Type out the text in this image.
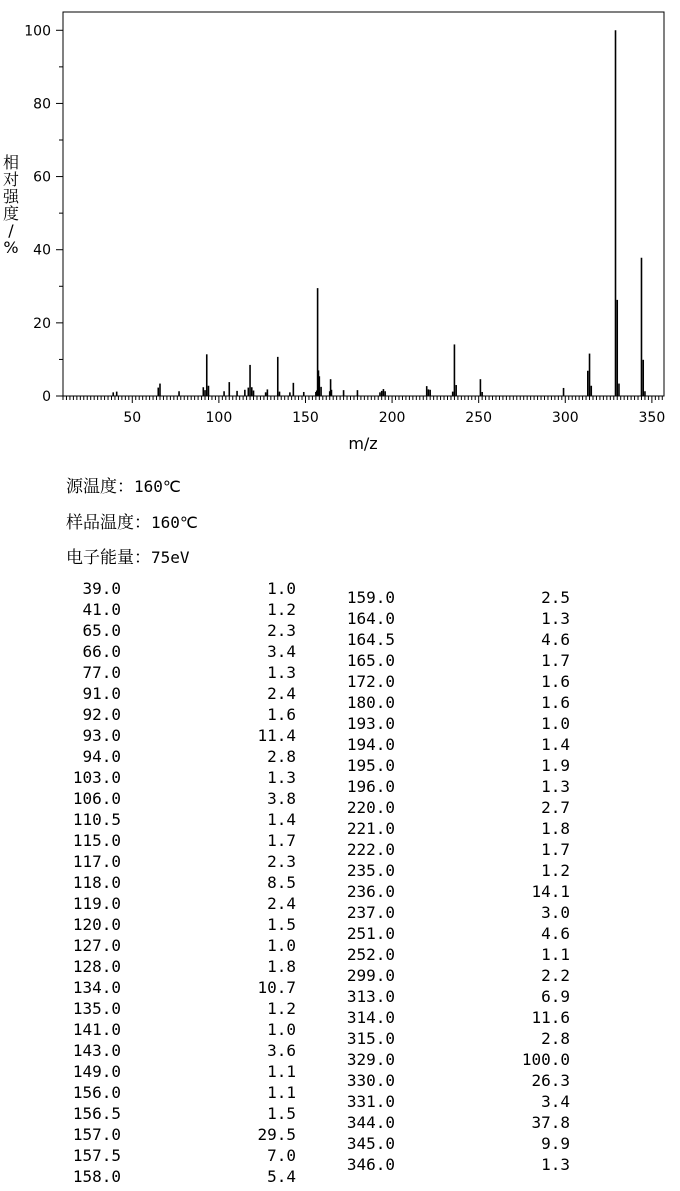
50	100	150	200	250	300	350
0
20
40
60
80
100
m/z
相对强度/ %
源温度：160℃
样品温度：160℃
电子能量：75eV
39.0	1.0
41.0	1.2
65.0	2.3
66.0	3.4
77.0	1.3
91.0	2.4
92.0	1.6
93.0	11.4
94.0	2.8
103.0	1.3
106.0	3.8
110.5	1.4
115.0	1.7
117.0	2.3
118.0	8.5
119.0	2.4
120.0	1.5
127.0	1.0
128.0	1.8
134.0	10.7
135.0	1.2
141.0	1.0
143.0	3.6
149.0	1.1
156.0	1.1
156.5	1.5
157.0	29.5
157.5	7.0
158.0	5.4
159.0	2.5
164.0	1.3
164.5	4.6
165.0	1.7
172.0	1.6
180.0	1.6
193.0	1.0
194.0	1.4
195.0	1.9
196.0	1.3
220.0	2.7
221.0	1.8
222.0	1.7
235.0	1.2
236.0	14.1
237.0	3.0
251.0	4.6
252.0	1.1
299.0	2.2
313.0	6.9
314.0	11.6
315.0	2.8
329.0	100.0
330.0	26.3
331.0	3.4
344.0	37.8
345.0	9.9
346.0	1.3
